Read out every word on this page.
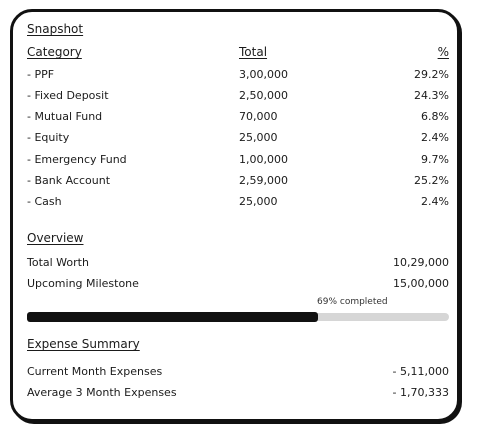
Snapshot
Category	Total	%
- PPF	3,00,000	29.2%
- Fixed Deposit	2,50,000	24.3%
- Mutual Fund	70,000	6.8%
- Equity	25,000	2.4%
- Emergency Fund	1,00,000	9.7%
- Bank Account	2,59,000	25.2%
- Cash	25,000	2.4%
Overview
Total Worth	10,29,000
Upcoming Milestone	15,00,000
69% completed
Expense Summary
Current Month Expenses	- 5,11,000
Average 3 Month Expenses	- 1,70,333
